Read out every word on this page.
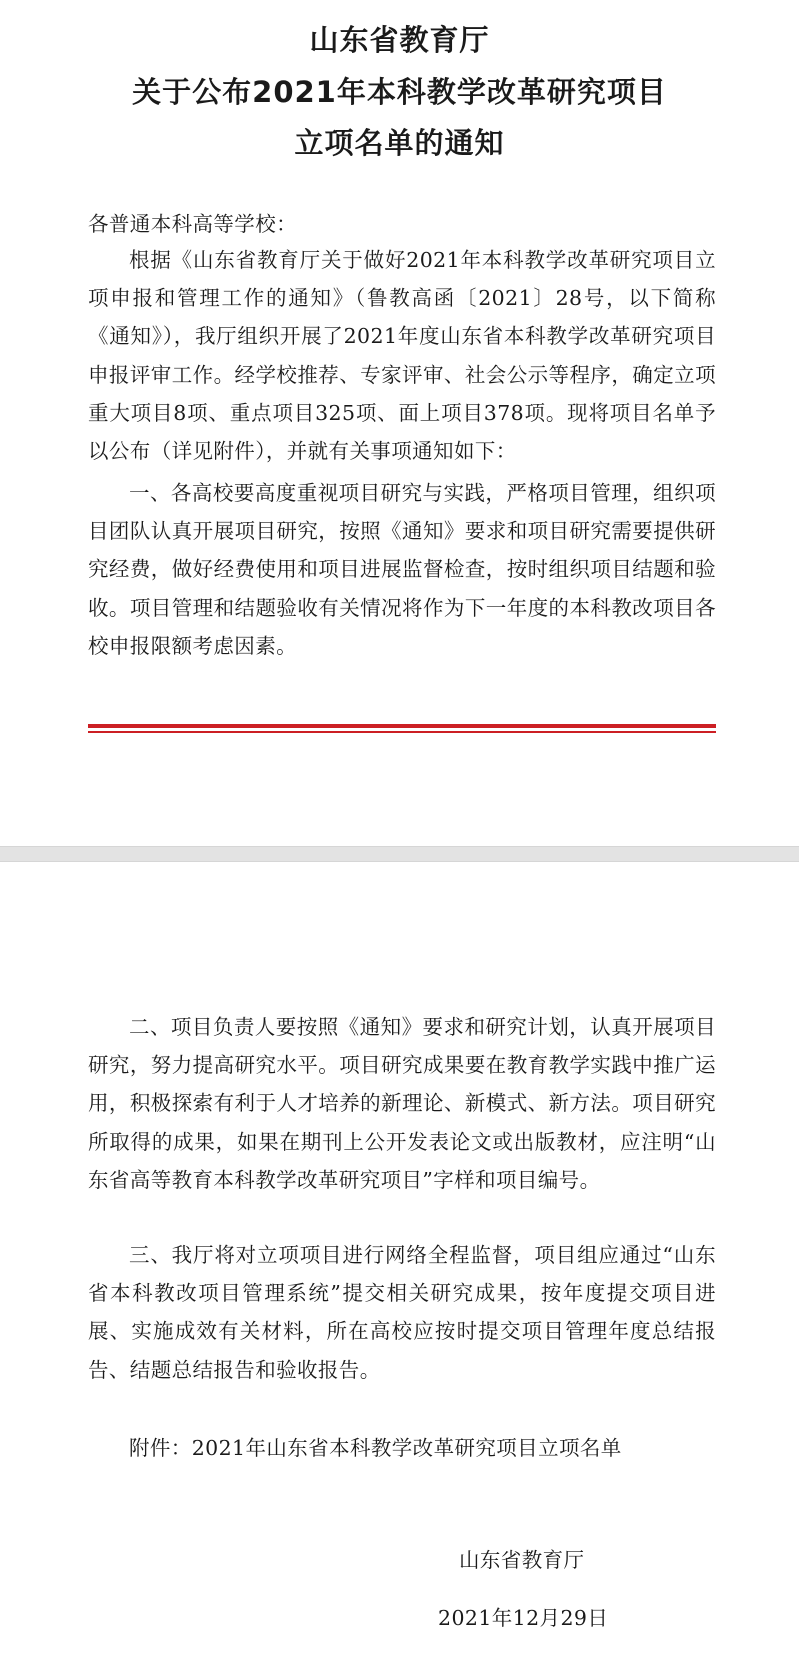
山东省教育厅
关于公布2021年本科教学改革研究项目
立项名单的通知

各普通本科高等学校：

根据《山东省教育厅关于做好2021年本科教学改革研究项目立项申报和管理工作的通知》（鲁教高函〔2021〕28号，以下简称《通知》），我厅组织开展了2021年度山东省本科教学改革研究项目申报评审工作。经学校推荐、专家评审、社会公示等程序，确定立项重大项目8项、重点项目325项、面上项目378项。现将项目名单予以公布（详见附件），并就有关事项通知如下：

一、各高校要高度重视项目研究与实践，严格项目管理，组织项目团队认真开展项目研究，按照《通知》要求和项目研究需要提供研究经费，做好经费使用和项目进展监督检查，按时组织项目结题和验收。项目管理和结题验收有关情况将作为下一年度的本科教改项目各校申报限额考虑因素。

二、项目负责人要按照《通知》要求和研究计划，认真开展项目研究，努力提高研究水平。项目研究成果要在教育教学实践中推广运用，积极探索有利于人才培养的新理论、新模式、新方法。项目研究所取得的成果，如果在期刊上公开发表论文或出版教材，应注明“山东省高等教育本科教学改革研究项目”字样和项目编号。

三、我厅将对立项项目进行网络全程监督，项目组应通过“山东省本科教改项目管理系统”提交相关研究成果，按年度提交项目进展、实施成效有关材料，所在高校应按时提交项目管理年度总结报告、结题总结报告和验收报告。

附件：2021年山东省本科教学改革研究项目立项名单

山东省教育厅
2021年12月29日
